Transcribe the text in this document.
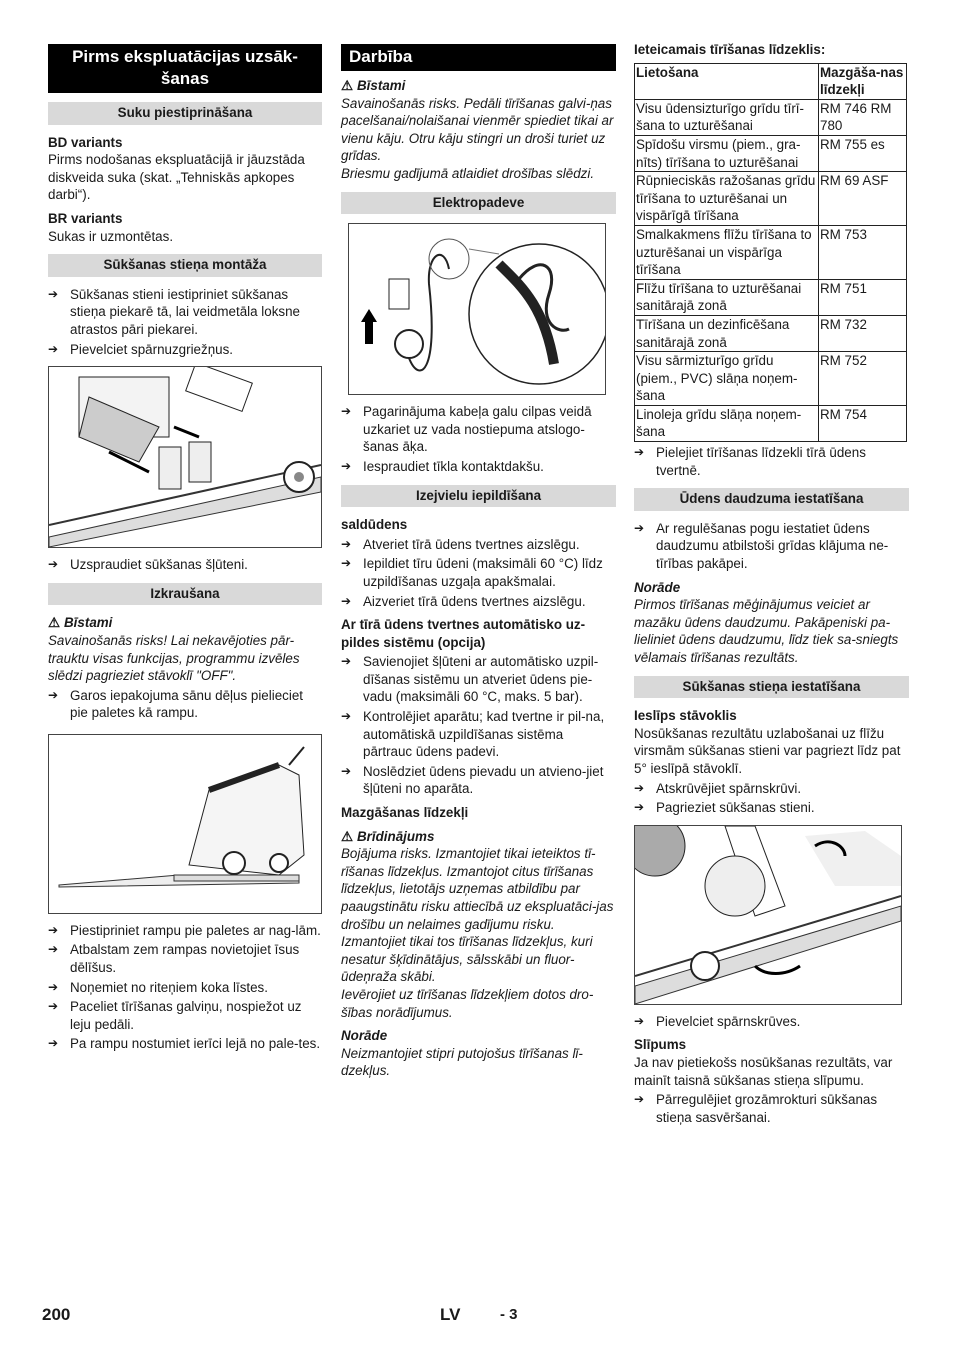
Pirms ekspluatācijas uzsāk-šanas
Suku piestiprināšana

BD variants

Pirms nodošanas ekspluatācijā ir jāuzstāda diskveida suka (skat. „Tehniskās apkopes darbi“).

BR variants

Sukas ir uzmontētas.

Sūkšanas stieņa montāža
➔ Sūkšanas stieni iestipriniet sūkšanas stieņa piekarē tā, lai veidmetāla loksne atrastos pāri piekarei.
➔ Pievelciet spārnuzgriežņus.
➔ Uzspraudiet sūkšanas šļūteni.
Izkraušana

⚠ Bīstami

Savainošanās risks! Lai nekavējoties pār-trauktu visas funkcijas, programmu izvēles slēdzi pagrieziet stāvoklī "OFF".

➔ Garos iepakojuma sānu dēļus pielieciet pie paletes kā rampu.
➔ Piestipriniet rampu pie paletes ar nag-lām.
➔ Atbalstam zem rampas novietojiet īsus dēlīšus.
➔ Noņemiet no riteņiem koka līstes.
➔ Paceliet tīrīšanas galviņu, nospiežot uz leju pedāli.
➔ Pa rampu nostumiet ierīci lejā no pale-tes.
Darbība

⚠ Bīstami

Savainošanās risks. Pedāli tīrīšanas galvi-ņas pacelšanai/nolaišanai vienmēr spiediet tikai ar vienu kāju. Otru kāju stingri un droši turiet uz grīdas.

Briesmu gadījumā atlaidiet drošības slēdzi.

Elektropadeve
➔ Pagarinājuma kabeļa galu cilpas veidā uzkariet uz vada nostiepuma atslogo-šanas āķa.
➔ Iespraudiet tīkla kontaktdakšu.
Izejvielu iepildīšana

saldūdens

➔ Atveriet tīrā ūdens tvertnes aizslēgu.
➔ Iepildiet tīru ūdeni (maksimāli 60 °C) līdz uzpildīšanas uzgaļa apakšmalai.
➔ Aizveriet tīrā ūdens tvertnes aizslēgu.

Ar tīrā ūdens tvertnes automātisko uz-pildes sistēmu (opcija)

➔ Savienojiet šļūteni ar automātisko uzpil-dīšanas sistēmu un atveriet ūdens pie-vadu (maksimāli 60 °C, maks. 5 bar).
➔ Kontrolējiet aparātu; kad tvertne ir pil-na, automātiskā uzpildīšanas sistēma pārtrauc ūdens padevi.
➔ Noslēdziet ūdens pievadu un atvieno-jiet šļūteni no aparāta.

Mazgāšanas līdzekļi

⚠ Brīdinājums

Bojājuma risks. Izmantojiet tikai ieteiktos tī-rīšanas līdzekļus. Izmantojot citus tīrīšanas līdzekļus, lietotājs uzņemas atbildību par paaugstinātu risku attiecībā uz ekspluatāci-jas drošību un nelaimes gadījumu risku. Izmantojiet tikai tos tīrīšanas līdzekļus, kuri nesatur šķīdinātājus, sālsskābi un fluor-ūdeņraža skābi.

Ievērojiet uz tīrīšanas līdzekļiem dotos dro-šības norādījumus.

Norāde

Neizmantojiet stipri putojošus tīrīšanas lī-dzekļus.

Ieteicamais tīrīšanas līdzeklis:

Lietošana	Mazgāša-nas līdzekļi
Visu ūdensizturīgo grīdu tīrī-šana to uzturēšanai	RM 746 RM 780
Spīdošu virsmu (piem., gra-nīts) tīrīšana to uzturēšanai	RM 755 es
Rūpnieciskās ražošanas grīdu tīrīšana to uzturēšanai un vispārīgā tīrīšana	RM 69 ASF
Smalkakmens flīžu tīrīšana to uzturēšanai un vispārīga tīrīšana	RM 753
Flīžu tīrīšana to uzturēšanai sanitārajā zonā	RM 751
Tīrīšana un dezinficēšana sanitārajā zonā	RM 732
Visu sārmizturīgo grīdu (piem., PVC) slāņa noņem-šana	RM 752
Linoleja grīdu slāņa noņem-šana	RM 754
➔ Pielejiet tīrīšanas līdzekli tīrā ūdens tvertnē.
Ūdens daudzuma iestatīšana
➔ Ar regulēšanas pogu iestatiet ūdens daudzumu atbilstoši grīdas klājuma ne-tīrības pakāpei.

Norāde

Pirmos tīrīšanas mēģinājumus veiciet ar mazāku ūdens daudzumu. Pakāpeniski pa-lieliniet ūdens daudzumu, līdz tiek sa-sniegts vēlamais tīrīšanas rezultāts.

Sūkšanas stieņa iestatīšana

Ieslīps stāvoklis

Nosūkšanas rezultātu uzlabošanai uz flīžu virsmām sūkšanas stieni var pagriezt līdz pat 5° ieslīpā stāvoklī.

➔ Atskrūvējiet spārnskrūvi.
➔ Pagrieziet sūkšanas stieni.
➔ Pievelciet spārnskrūves.

Slīpums

Ja nav pietiekošs nosūkšanas rezultāts, var mainīt taisnā sūkšanas stieņa slīpumu.

➔ Pārregulējiet grozāmrokturi sūkšanas stieņa sasvēršanai.
200	LV	- 3
